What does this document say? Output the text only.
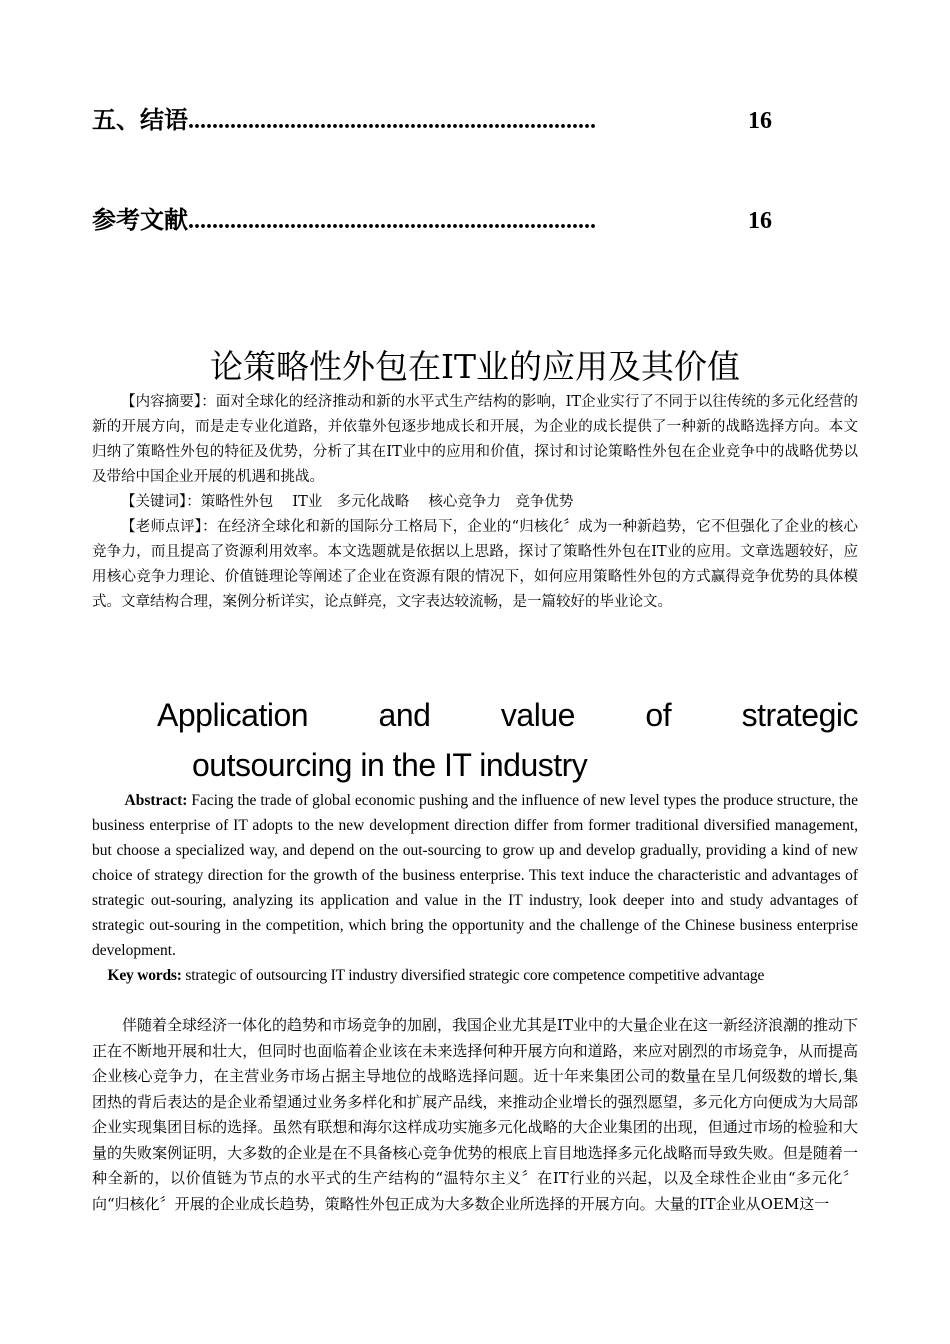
五、结语 ....................................................................	16
参考文献 ....................................................................	16
论策略性外包在IT业的应用及其价值

【内容摘要】：面对全球化的经济推动和新的水平式生产结构的影响，IT企业实行了不同于以往传统的多元化经营的新的开展方向，而是走专业化道路，并依靠外包逐步地成长和开展，为企业的成长提供了一种新的战略选择方向。本文归纳了策略性外包的特征及优势，分析了其在IT业中的应用和价值，探讨和讨论策略性外包在企业竞争中的战略优势以及带给中国企业开展的机遇和挑战。

【关键词】：策略性外包　 IT业　多元化战略　 核心竞争力　竞争优势

【老师点评】：在经济全球化和新的国际分工格局下，企业的“归核化〞成为一种新趋势，它不但强化了企业的核心竞争力，而且提高了资源利用效率。本文选题就是依据以上思路，探讨了策略性外包在IT业的应用。文章选题较好，应用核心竞争力理论、价值链理论等阐述了企业在资源有限的情况下，如何应用策略性外包的方式赢得竞争优势的具体模式。文章结构合理，案例分析详实，论点鲜亮，文字表达较流畅，是一篇较好的毕业论文。

Application and value of strategic
outsourcing in the IT industry

Abstract: Facing the trade of global economic pushing and the influence of new level types the produce structure, the business enterprise of IT adopts to the new development direction differ from former traditional diversified management, but choose a specialized way, and depend on the out-sourcing to grow up and develop gradually, providing a kind of new choice of strategy direction for the growth of the business enterprise. This text induce the characteristic and advantages of strategic out-souring, analyzing its application and value in the IT industry, look deeper into and study advantages of strategic out-souring in the competition, which bring the opportunity and the challenge of the Chinese business enterprise development.

Key words: strategic of outsourcing IT industry diversified strategic core competence competitive advantage

伴随着全球经济一体化的趋势和市场竞争的加剧，我国企业尤其是IT业中的大量企业在这一新经济浪潮的推动下正在不断地开展和壮大，但同时也面临着企业该在未来选择何种开展方向和道路，来应对剧烈的市场竞争，从而提高企业核心竞争力，在主营业务市场占据主导地位的战略选择问题。近十年来集团公司的数量在呈几何级数的增长,集团热的背后表达的是企业希望通过业务多样化和扩展产品线，来推动企业增长的强烈愿望，多元化方向便成为大局部企业实现集团目标的选择。虽然有联想和海尔这样成功实施多元化战略的大企业集团的出现，但通过市场的检验和大量的失败案例证明，大多数的企业是在不具备核心竞争优势的根底上盲目地选择多元化战略而导致失败。但是随着一种全新的，以价值链为节点的水平式的生产结构的“温特尔主义〞在IT行业的兴起，以及全球性企业由“多元化〞向“归核化〞开展的企业成长趋势，策略性外包正成为大多数企业所选择的开展方向。大量的IT企业从OEM这一
